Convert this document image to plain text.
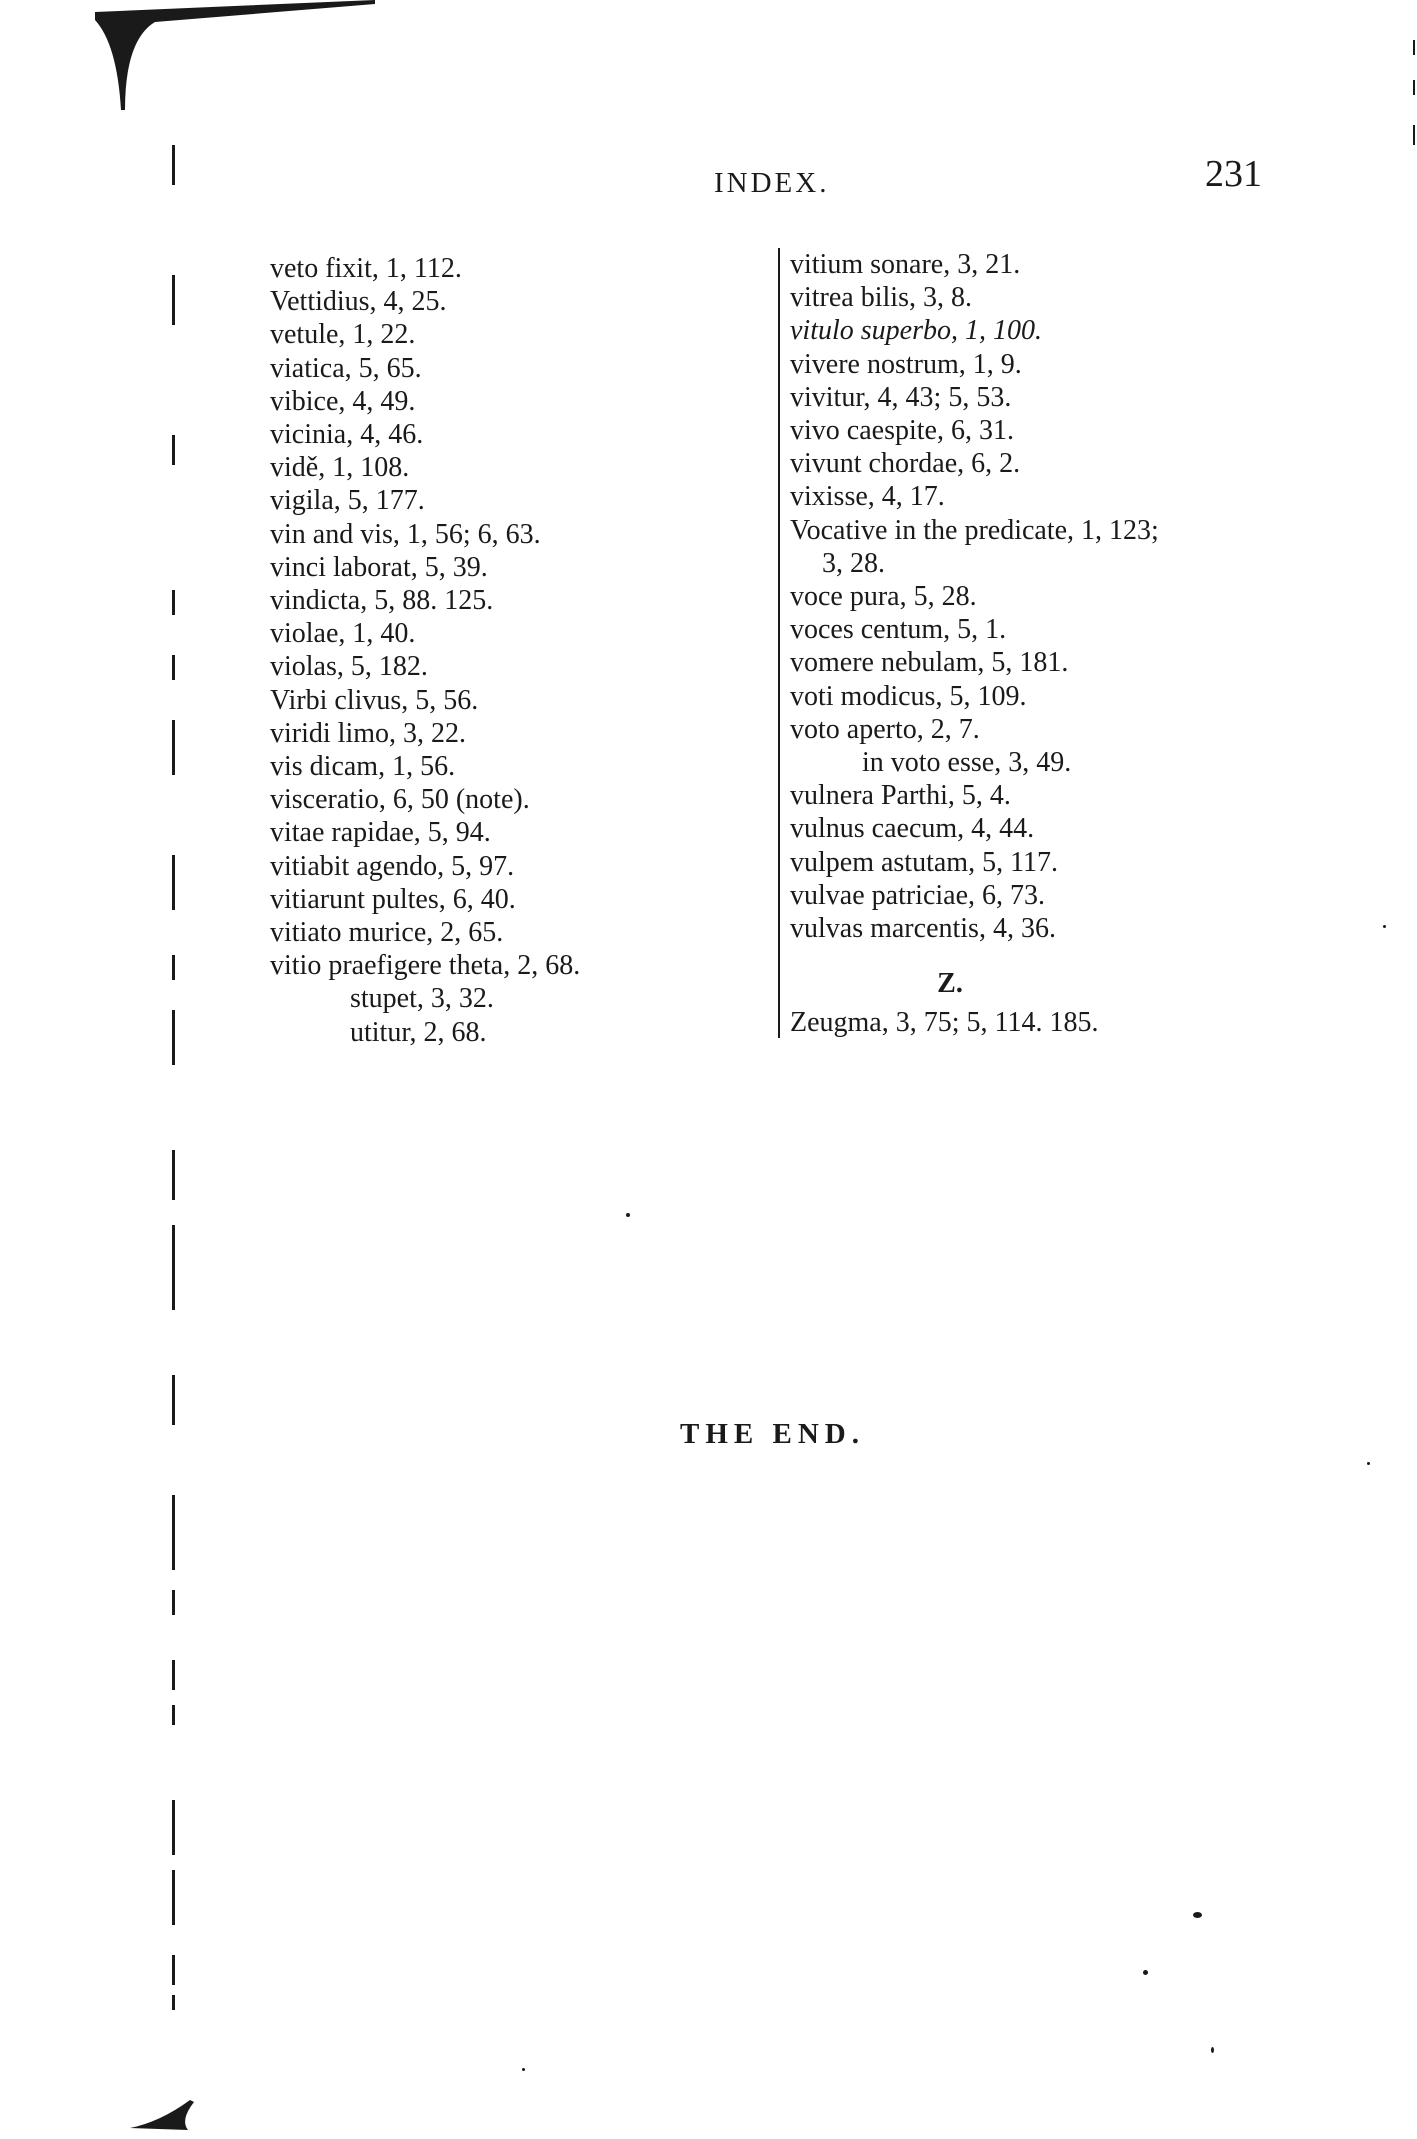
INDEX.	231
veto fixit, 1, 112.
Vettidius, 4, 25.
vetule, 1, 22.
viatica, 5, 65.
vibice, 4, 49.
vicinia, 4, 46.
vidě, 1, 108.
vigila, 5, 177.
vin and vis, 1, 56; 6, 63.
vinci laborat, 5, 39.
vindicta, 5, 88. 125.
violae, 1, 40.
violas, 5, 182.
Virbi clivus, 5, 56.
viridi limo, 3, 22.
vis dicam, 1, 56.
visceratio, 6, 50 (note).
vitae rapidae, 5, 94.
vitiabit agendo, 5, 97.
vitiarunt pultes, 6, 40.
vitiato murice, 2, 65.
vitio praefigere theta, 2, 68.
stupet, 3, 32.
utitur, 2, 68.
vitium sonare, 3, 21.
vitrea bilis, 3, 8.
vitulo superbo, 1, 100.
vivere nostrum, 1, 9.
vivitur, 4, 43; 5, 53.
vivo caespite, 6, 31.
vivunt chordae, 6, 2.
vixisse, 4, 17.
Vocative in the predicate, 1, 123;
3, 28.
voce pura, 5, 28.
voces centum, 5, 1.
vomere nebulam, 5, 181.
voti modicus, 5, 109.
voto aperto, 2, 7.
in voto esse, 3, 49.
vulnera Parthi, 5, 4.
vulnus caecum, 4, 44.
vulpem astutam, 5, 117.
vulvae patriciae, 6, 73.
vulvas marcentis, 4, 36.
Z.
Zeugma, 3, 75; 5, 114. 185.
THE END.
